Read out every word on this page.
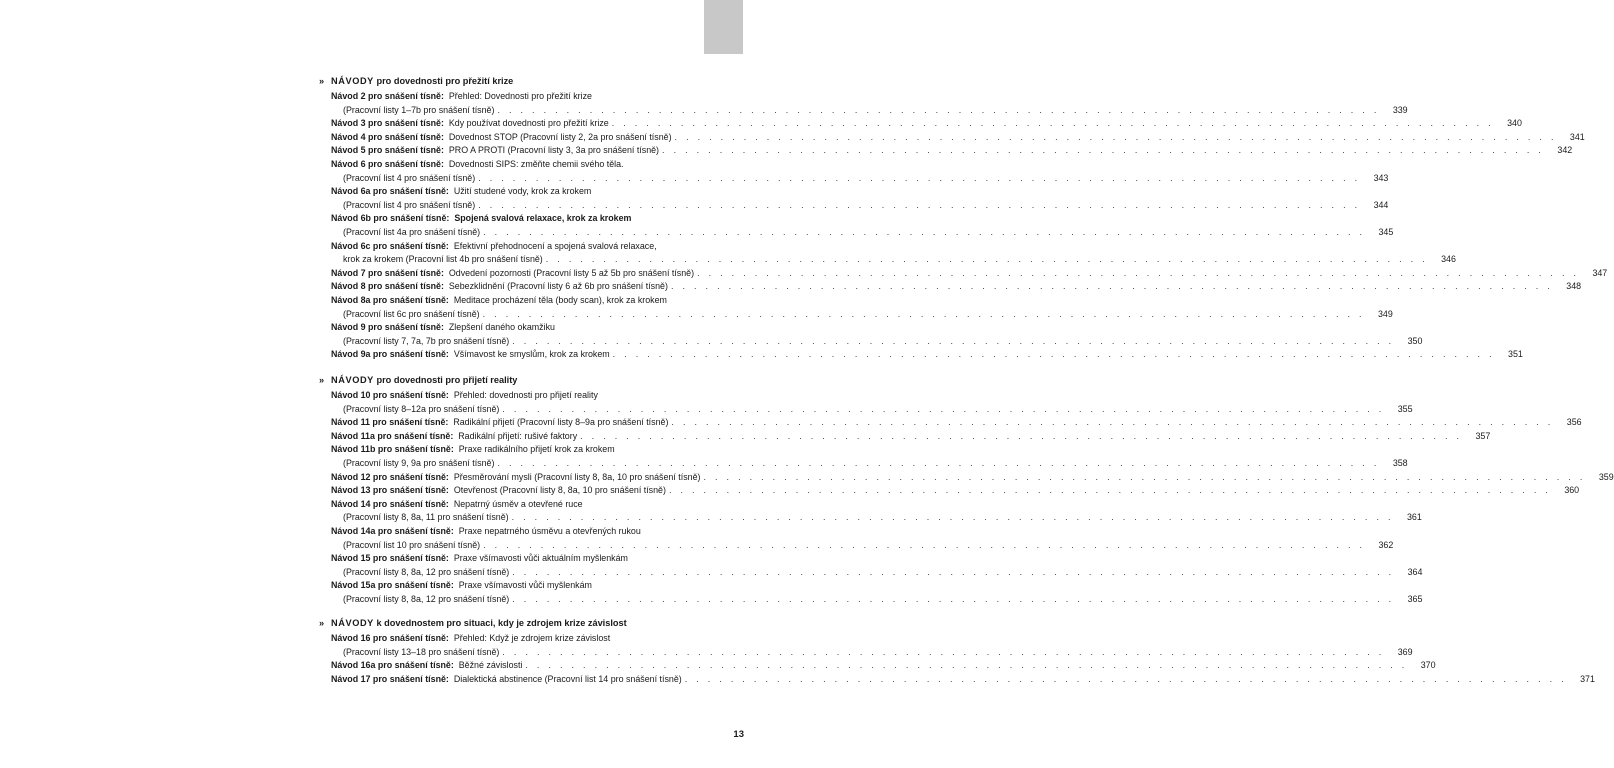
» NÁVODY pro dovednosti pro přežití krize
Návod 2 pro snášení tísně: Přehled: Dovednosti pro přežití krize
(Pracovní listy 1–7b pro snášení tísně) . . . . . . . . . . . . . . . . . . . . . . . . . . . . . . . . . . . . . . . . . . . . . . . . . . . . . . . . . . . . . . . . . . . . . . . . . . . . .	339
Návod 3 pro snášení tísně: Kdy používat dovednosti pro přežití krize . . . . . . . . . . . . . . . . . . . . . . . . . . . . . . . . . . . . . . . . . . . . . . . . . . . . . . . . . . . . . . . . . . . . . . . . . . . . .	340
Návod 4 pro snášení tísně: Dovednost STOP (Pracovní listy 2, 2a pro snášení tísně) . . . . . . . . . . . . . . . . . . . . . . . . . . . . . . . . . . . . . . . . . . . . . . . . . . . . . . . . . . . . . . . . . . . . . . . . . . . . .	341
Návod 5 pro snášení tísně: PRO A PROTI (Pracovní listy 3, 3a pro snášení tísně) . . . . . . . . . . . . . . . . . . . . . . . . . . . . . . . . . . . . . . . . . . . . . . . . . . . . . . . . . . . . . . . . . . . . . . . . . . . . .	342
Návod 6 pro snášení tísně: Dovednosti SIPS: změňte chemii svého těla.
(Pracovní list 4 pro snášení tísně) . . . . . . . . . . . . . . . . . . . . . . . . . . . . . . . . . . . . . . . . . . . . . . . . . . . . . . . . . . . . . . . . . . . . . . . . . . . . .	343
Návod 6a pro snášení tísně: Užití studené vody, krok za krokem
(Pracovní list 4 pro snášení tísně) . . . . . . . . . . . . . . . . . . . . . . . . . . . . . . . . . . . . . . . . . . . . . . . . . . . . . . . . . . . . . . . . . . . . . . . . . . . . .	344
Návod 6b pro snášení tísně: Spojená svalová relaxace, krok za krokem
(Pracovní list 4a pro snášení tísně) . . . . . . . . . . . . . . . . . . . . . . . . . . . . . . . . . . . . . . . . . . . . . . . . . . . . . . . . . . . . . . . . . . . . . . . . . . . . .	345
Návod 6c pro snášení tísně: Efektivní přehodnocení a spojená svalová relaxace,
krok za krokem (Pracovní list 4b pro snášení tísně) . . . . . . . . . . . . . . . . . . . . . . . . . . . . . . . . . . . . . . . . . . . . . . . . . . . . . . . . . . . . . . . . . . . . . . . . . . . . .	346
Návod 7 pro snášení tísně: Odvedení pozornosti (Pracovní listy 5 až 5b pro snášení tísně) . . . . . . . . . . . . . . . . . . . . . . . . . . . . . . . . . . . . . . . . . . . . . . . . . . . . . . . . . . . . . . . . . . . . . . . . . . . . .	347
Návod 8 pro snášení tísně: Sebezklidnění (Pracovní listy 6 až 6b pro snášení tísně) . . . . . . . . . . . . . . . . . . . . . . . . . . . . . . . . . . . . . . . . . . . . . . . . . . . . . . . . . . . . . . . . . . . . . . . . . . . . .	348
Návod 8a pro snášení tísně: Meditace procházení těla (body scan), krok za krokem
(Pracovní list 6c pro snášení tísně) . . . . . . . . . . . . . . . . . . . . . . . . . . . . . . . . . . . . . . . . . . . . . . . . . . . . . . . . . . . . . . . . . . . . . . . . . . . . .	349
Návod 9 pro snášení tísně: Zlepšení daného okamžiku
(Pracovní listy 7, 7a, 7b pro snášení tísně) . . . . . . . . . . . . . . . . . . . . . . . . . . . . . . . . . . . . . . . . . . . . . . . . . . . . . . . . . . . . . . . . . . . . . . . . . . . . .	350
Návod 9a pro snášení tísně: Všímavost ke smyslům, krok za krokem . . . . . . . . . . . . . . . . . . . . . . . . . . . . . . . . . . . . . . . . . . . . . . . . . . . . . . . . . . . . . . . . . . . . . . . . . . . . .	351
» NÁVODY pro dovednosti pro přijetí reality
Návod 10 pro snášení tísně: Přehled: dovednosti pro přijetí reality
(Pracovní listy 8–12a pro snášení tísně) . . . . . . . . . . . . . . . . . . . . . . . . . . . . . . . . . . . . . . . . . . . . . . . . . . . . . . . . . . . . . . . . . . . . . . . . . . . . .	355
Návod 11 pro snášení tísně: Radikální přijetí (Pracovní listy 8–9a pro snášení tísně) . . . . . . . . . . . . . . . . . . . . . . . . . . . . . . . . . . . . . . . . . . . . . . . . . . . . . . . . . . . . . . . . . . . . . . . . . . . . .	356
Návod 11a pro snášení tísně: Radikální přijetí: rušivé faktory . . . . . . . . . . . . . . . . . . . . . . . . . . . . . . . . . . . . . . . . . . . . . . . . . . . . . . . . . . . . . . . . . . . . . . . . . . . . .	357
Návod 11b pro snášení tísně: Praxe radikálního přijetí krok za krokem
(Pracovní listy 9, 9a pro snášení tísně) . . . . . . . . . . . . . . . . . . . . . . . . . . . . . . . . . . . . . . . . . . . . . . . . . . . . . . . . . . . . . . . . . . . . . . . . . . . . .	358
Návod 12 pro snášení tísně: Přesměrování mysli (Pracovní listy 8, 8a, 10 pro snášení tísně) . . . . . . . . . . . . . . . . . . . . . . . . . . . . . . . . . . . . . . . . . . . . . . . . . . . . . . . . . . . . . . . . . . . . . . . . . . . . .	359
Návod 13 pro snášení tísně: Otevřenost (Pracovní listy 8, 8a, 10 pro snášení tísně) . . . . . . . . . . . . . . . . . . . . . . . . . . . . . . . . . . . . . . . . . . . . . . . . . . . . . . . . . . . . . . . . . . . . . . . . . . . . .	360
Návod 14 pro snášení tísně: Nepatrný úsměv a otevřené ruce
(Pracovní listy 8, 8a, 11 pro snášení tísně) . . . . . . . . . . . . . . . . . . . . . . . . . . . . . . . . . . . . . . . . . . . . . . . . . . . . . . . . . . . . . . . . . . . . . . . . . . . . .	361
Návod 14a pro snášení tísně: Praxe nepatrného úsměvu a otevřených rukou
(Pracovní list 10 pro snášení tísně) . . . . . . . . . . . . . . . . . . . . . . . . . . . . . . . . . . . . . . . . . . . . . . . . . . . . . . . . . . . . . . . . . . . . . . . . . . . . .	362
Návod 15 pro snášení tísně: Praxe všímavosti vůči aktuálním myšlenkám
(Pracovní listy 8, 8a, 12 pro snášení tísně) . . . . . . . . . . . . . . . . . . . . . . . . . . . . . . . . . . . . . . . . . . . . . . . . . . . . . . . . . . . . . . . . . . . . . . . . . . . . .	364
Návod 15a pro snášení tísně: Praxe všímavosti vůči myšlenkám
(Pracovní listy 8, 8a, 12 pro snášení tísně) . . . . . . . . . . . . . . . . . . . . . . . . . . . . . . . . . . . . . . . . . . . . . . . . . . . . . . . . . . . . . . . . . . . . . . . . . . . . .	365
» NÁVODY k dovednostem pro situaci, kdy je zdrojem krize závislost
Návod 16 pro snášení tísně: Přehled: Když je zdrojem krize závislost
(Pracovní listy 13–18 pro snášení tísně) . . . . . . . . . . . . . . . . . . . . . . . . . . . . . . . . . . . . . . . . . . . . . . . . . . . . . . . . . . . . . . . . . . . . . . . . . . . . .	369
Návod 16a pro snášení tísně: Běžné závislosti . . . . . . . . . . . . . . . . . . . . . . . . . . . . . . . . . . . . . . . . . . . . . . . . . . . . . . . . . . . . . . . . . . . . . . . . . . . . .	370
Návod 17 pro snášení tísně: Dialektická abstinence (Pracovní list 14 pro snášení tísně) . . . . . . . . . . . . . . . . . . . . . . . . . . . . . . . . . . . . . . . . . . . . . . . . . . . . . . . . . . . . . . . . . . . . . . . . . . . . .	371
13
